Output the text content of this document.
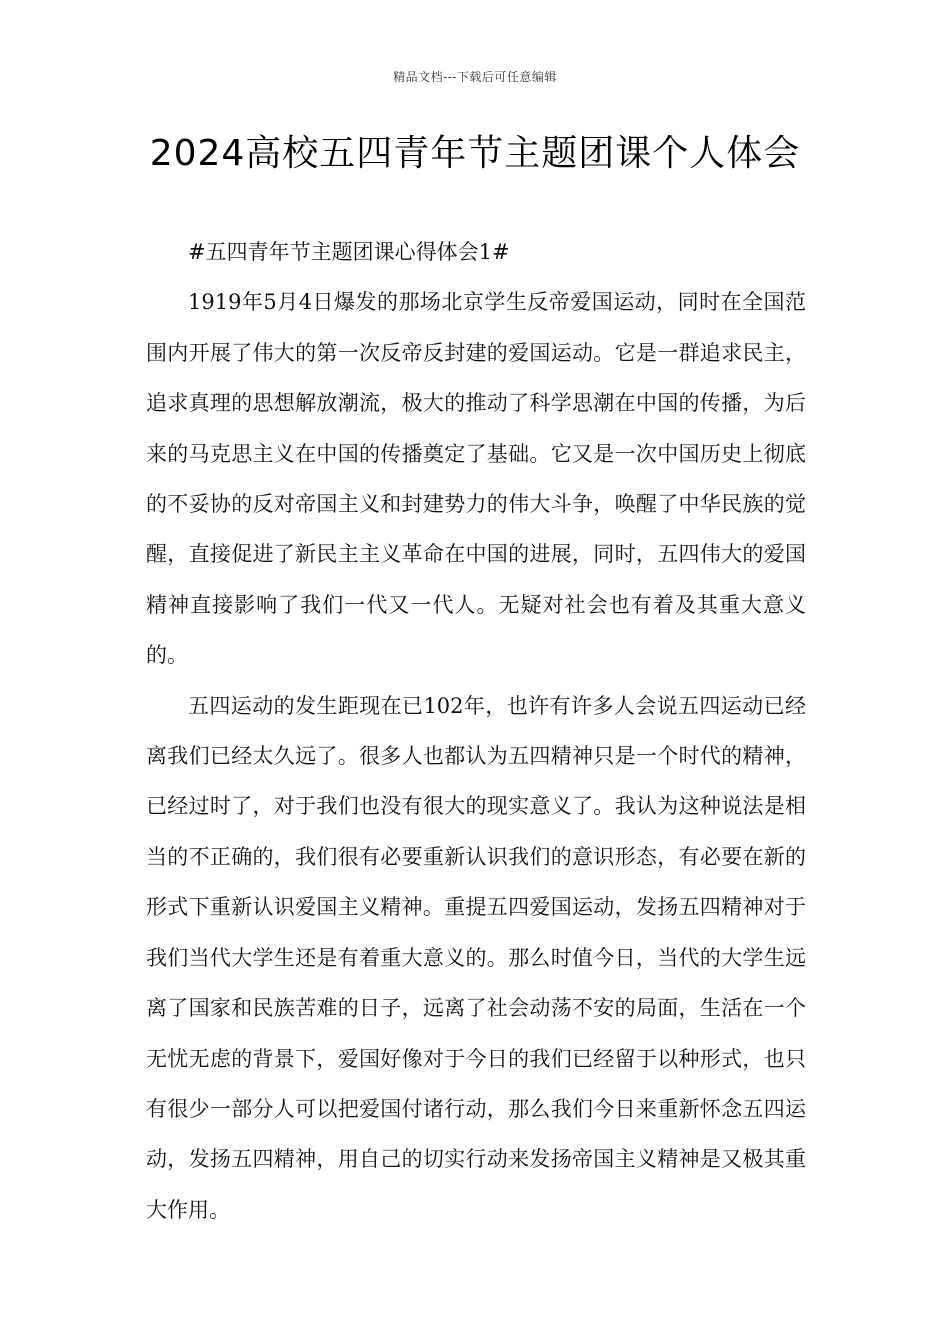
精品文档---下载后可任意编辑
2024高校五四青年节主题团课个人体会

#五四青年节主题团课心得体会1#

1919年5月4日爆发的那场北京学生反帝爱国运动，同时在全国范围内开展了伟大的第一次反帝反封建的爱国运动。它是一群追求民主，追求真理的思想解放潮流，极大的推动了科学思潮在中国的传播，为后来的马克思主义在中国的传播奠定了基础。它又是一次中国历史上彻底的不妥协的反对帝国主义和封建势力的伟大斗争，唤醒了中华民族的觉醒，直接促进了新民主主义革命在中国的进展，同时，五四伟大的爱国精神直接影响了我们一代又一代人。无疑对社会也有着及其重大意义的。

五四运动的发生距现在已102年，也许有许多人会说五四运动已经离我们已经太久远了。很多人也都认为五四精神只是一个时代的精神，已经过时了，对于我们也没有很大的现实意义了。我认为这种说法是相当的不正确的，我们很有必要重新认识我们的意识形态，有必要在新的形式下重新认识爱国主义精神。重提五四爱国运动，发扬五四精神对于我们当代大学生还是有着重大意义的。那么时值今日，当代的大学生远离了国家和民族苦难的日子，远离了社会动荡不安的局面，生活在一个无忧无虑的背景下，爱国好像对于今日的我们已经留于以种形式，也只有很少一部分人可以把爱国付诸行动，那么我们今日来重新怀念五四运动，发扬五四精神，用自己的切实行动来发扬帝国主义精神是又极其重大作用。
